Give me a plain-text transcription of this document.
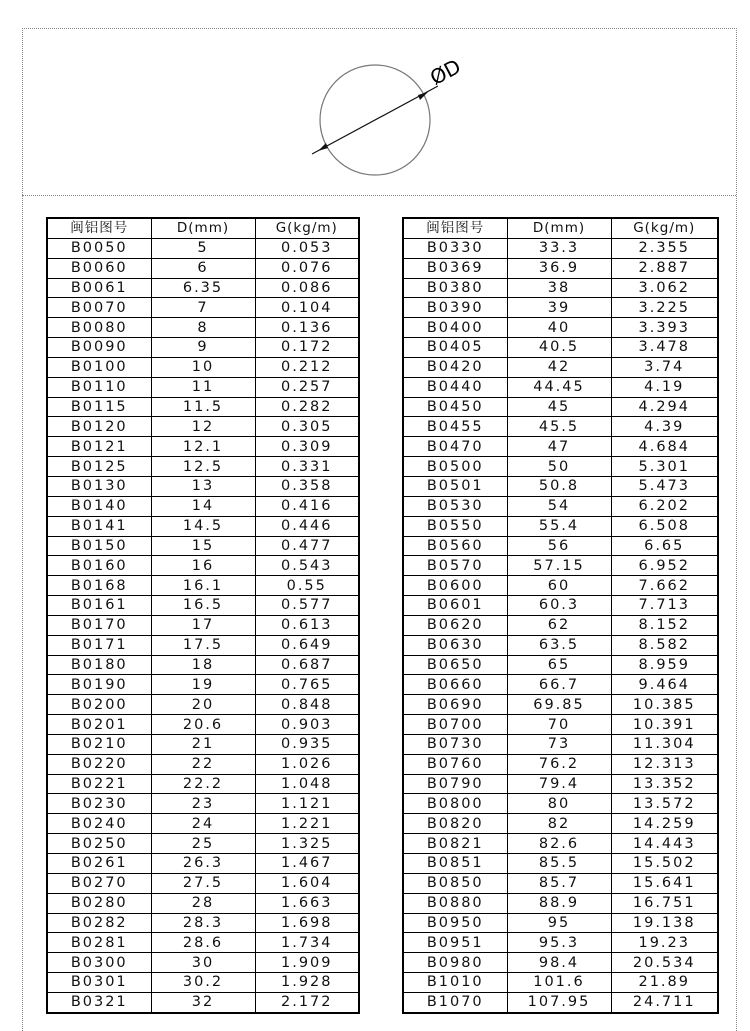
ØD
闽铝图号	D(mm)	G(kg/m)
B0050	5	0.053
B0060	6	0.076
B0061	6.35	0.086
B0070	7	0.104
B0080	8	0.136
B0090	9	0.172
B0100	10	0.212
B0110	11	0.257
B0115	11.5	0.282
B0120	12	0.305
B0121	12.1	0.309
B0125	12.5	0.331
B0130	13	0.358
B0140	14	0.416
B0141	14.5	0.446
B0150	15	0.477
B0160	16	0.543
B0168	16.1	0.55
B0161	16.5	0.577
B0170	17	0.613
B0171	17.5	0.649
B0180	18	0.687
B0190	19	0.765
B0200	20	0.848
B0201	20.6	0.903
B0210	21	0.935
B0220	22	1.026
B0221	22.2	1.048
B0230	23	1.121
B0240	24	1.221
B0250	25	1.325
B0261	26.3	1.467
B0270	27.5	1.604
B0280	28	1.663
B0282	28.3	1.698
B0281	28.6	1.734
B0300	30	1.909
B0301	30.2	1.928
B0321	32	2.172
闽铝图号	D(mm)	G(kg/m)
B0330	33.3	2.355
B0369	36.9	2.887
B0380	38	3.062
B0390	39	3.225
B0400	40	3.393
B0405	40.5	3.478
B0420	42	3.74
B0440	44.45	4.19
B0450	45	4.294
B0455	45.5	4.39
B0470	47	4.684
B0500	50	5.301
B0501	50.8	5.473
B0530	54	6.202
B0550	55.4	6.508
B0560	56	6.65
B0570	57.15	6.952
B0600	60	7.662
B0601	60.3	7.713
B0620	62	8.152
B0630	63.5	8.582
B0650	65	8.959
B0660	66.7	9.464
B0690	69.85	10.385
B0700	70	10.391
B0730	73	11.304
B0760	76.2	12.313
B0790	79.4	13.352
B0800	80	13.572
B0820	82	14.259
B0821	82.6	14.443
B0851	85.5	15.502
B0850	85.7	15.641
B0880	88.9	16.751
B0950	95	19.138
B0951	95.3	19.23
B0980	98.4	20.534
B1010	101.6	21.89
B1070	107.95	24.711
